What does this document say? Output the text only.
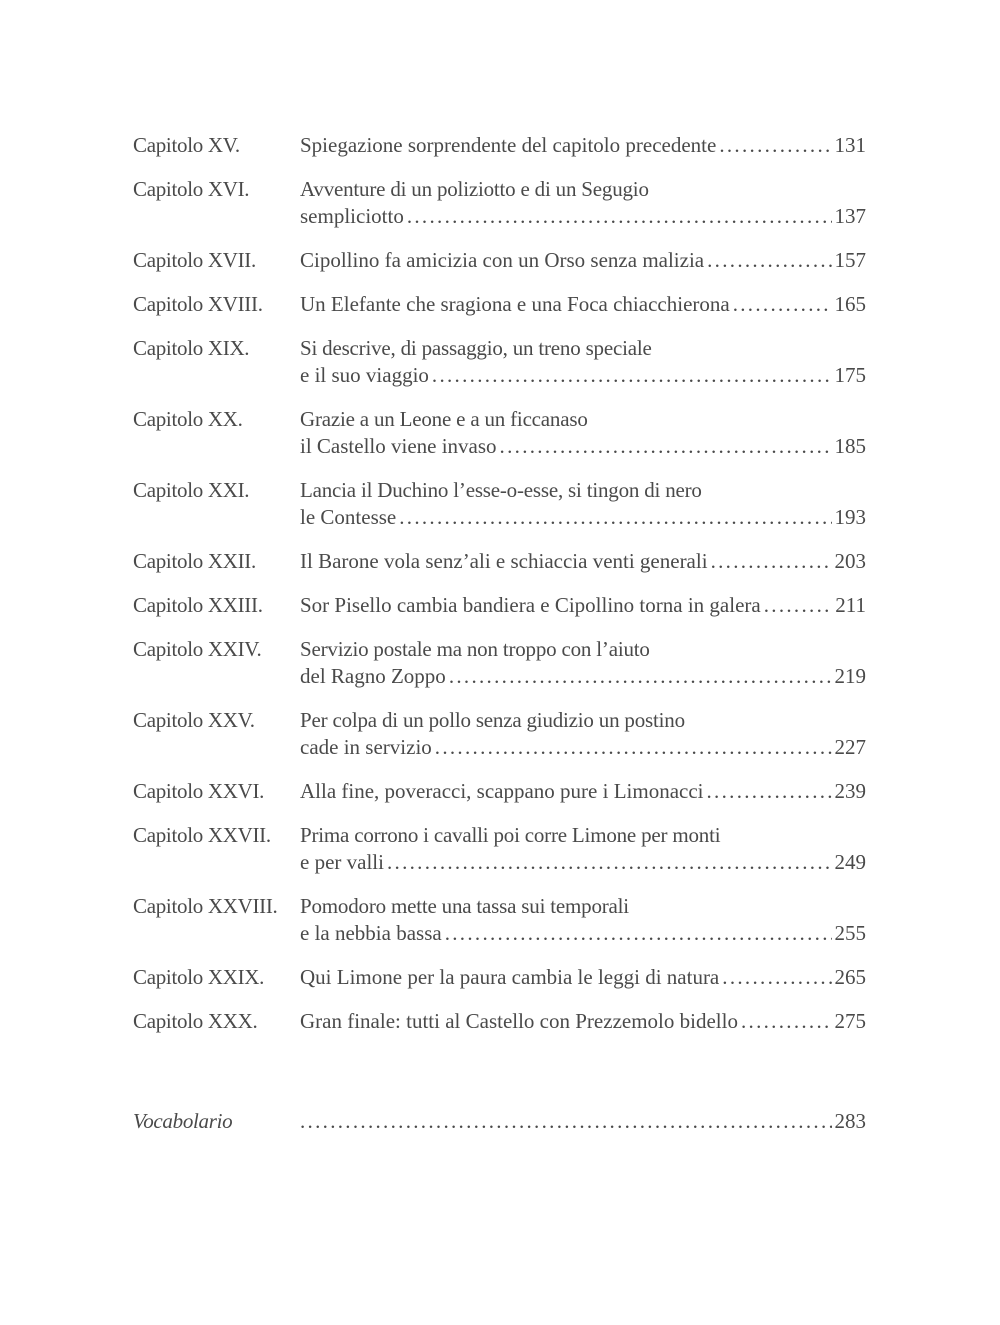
Capitolo XV.	Spiegazione sorprendente del capitolo precedente .....	131
Capitolo XVI.	Avventure di un poliziotto e di un Segugio
sempliciotto .....	137
Capitolo XVII.	Cipollino fa amicizia con un Orso senza malizia .....	157
Capitolo XVIII.	Un Elefante che sragiona e una Foca chiacchierona .....	165
Capitolo XIX.	Si descrive, di passaggio, un treno speciale
e il suo viaggio .....	175
Capitolo XX.	Grazie a un Leone e a un ficcanaso
il Castello viene invaso .....	185
Capitolo XXI.	Lancia il Duchino l’esse-o-esse, si tingon di nero
le Contesse .....	193
Capitolo XXII.	Il Barone vola senz’ali e schiaccia venti generali .....	203
Capitolo XXIII.	Sor Pisello cambia bandiera e Cipollino torna in galera .....	211
Capitolo XXIV.	Servizio postale ma non troppo con l’aiuto
del Ragno Zoppo .....	219
Capitolo XXV.	Per colpa di un pollo senza giudizio un postino
cade in servizio .....	227
Capitolo XXVI.	Alla fine, poveracci, scappano pure i Limonacci .....	239
Capitolo XXVII.	Prima corrono i cavalli poi corre Limone per monti
e per valli .....	249
Capitolo XXVIII.	Pomodoro mette una tassa sui temporali
e la nebbia bassa .....	255
Capitolo XXIX.	Qui Limone per la paura cambia le leggi di natura .....	265
Capitolo XXX.	Gran finale: tutti al Castello con Prezzemolo bidello .....	275
Vocabolario .....	283
